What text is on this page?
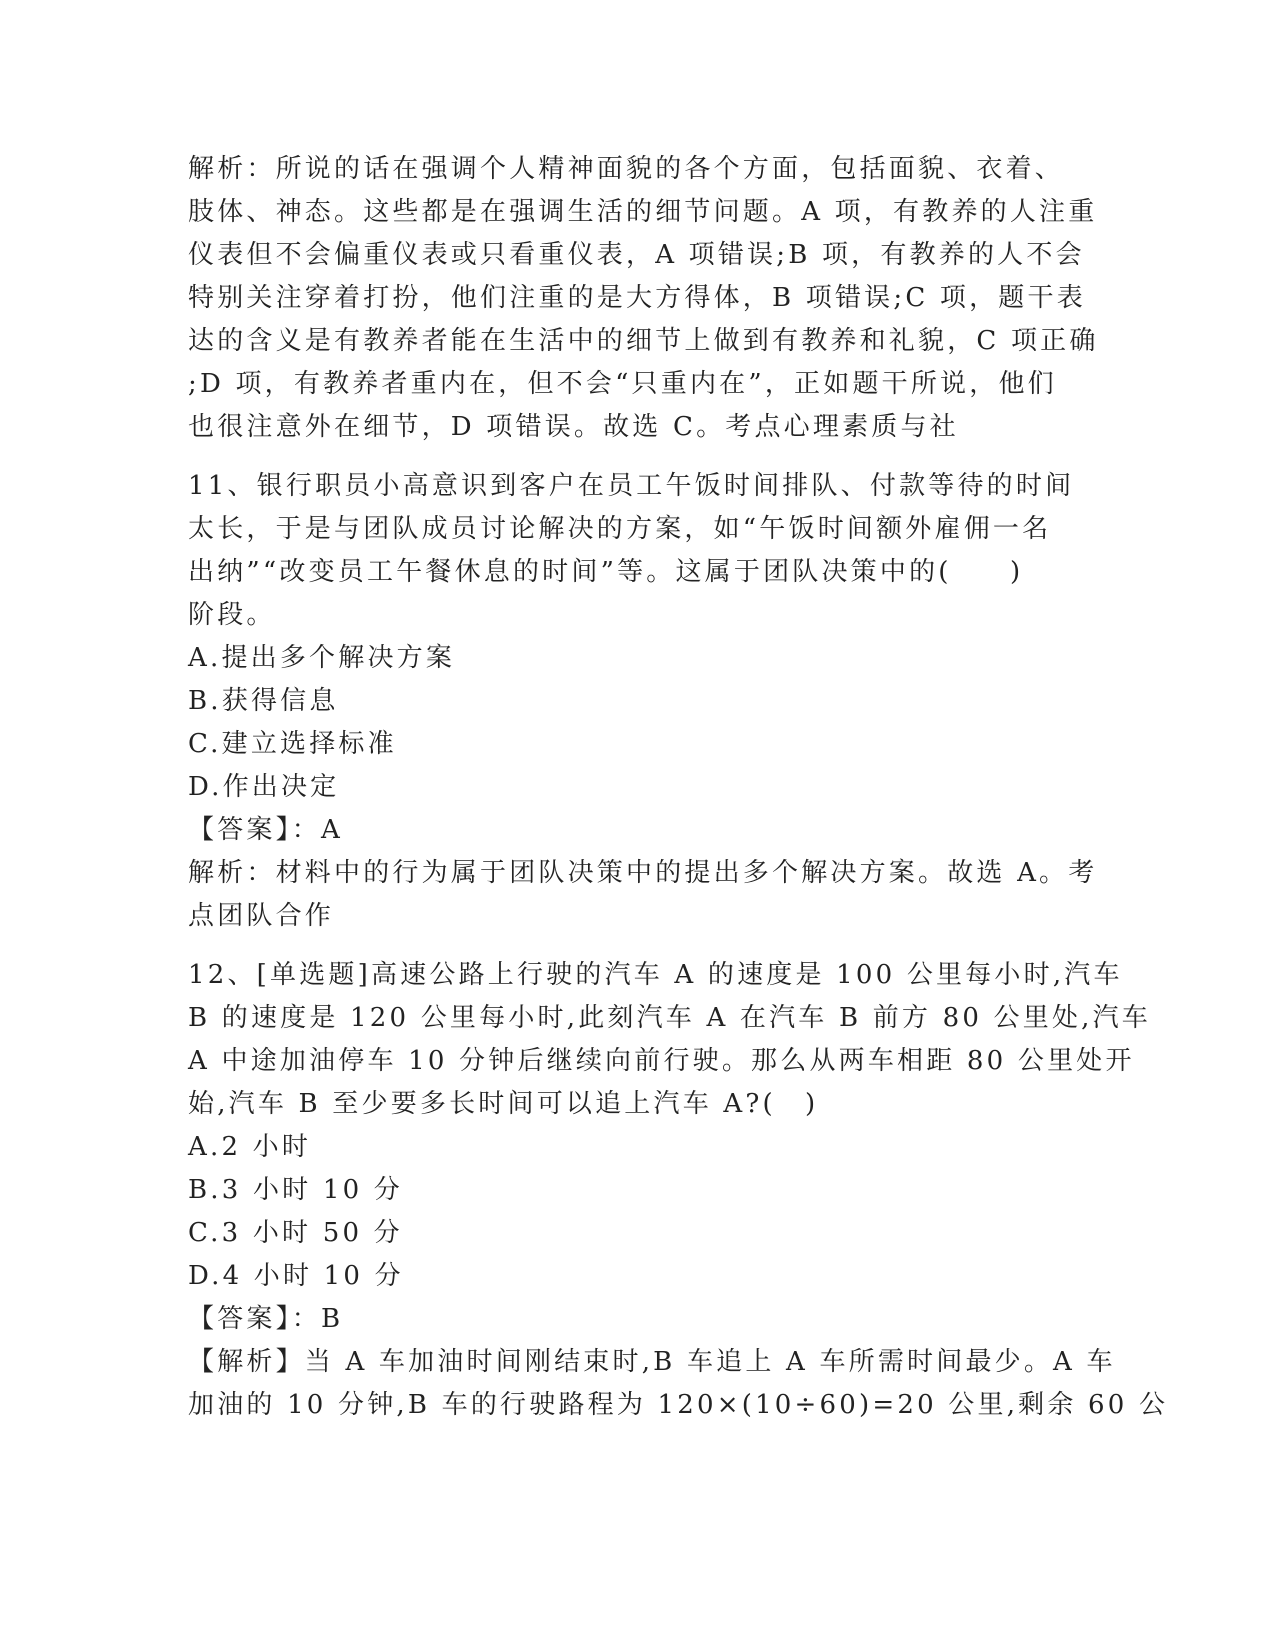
解析：所说的话在强调个人精神面貌的各个方面，包括面貌、衣着、
肢体、神态。这些都是在强调生活的细节问题。A 项，有教养的人注重
仪表但不会偏重仪表或只看重仪表，A 项错误;B 项，有教养的人不会
特别关注穿着打扮，他们注重的是大方得体，B 项错误;C 项，题干表
达的含义是有教养者能在生活中的细节上做到有教养和礼貌，C 项正确
;D 项，有教养者重内在，但不会“只重内在”，正如题干所说，他们
也很注意外在细节，D 项错误。故选 C。考点心理素质与社
11、银行职员小高意识到客户在员工午饭时间排队、付款等待的时间
太长，于是与团队成员讨论解决的方案，如“午饭时间额外雇佣一名
出纳”“改变员工午餐休息的时间”等。这属于团队决策中的(　　)
阶段。
A.提出多个解决方案
B.获得信息
C.建立选择标准
D.作出决定
【答案】：A
解析：材料中的行为属于团队决策中的提出多个解决方案。故选 A。考
点团队合作
12、[单选题]高速公路上行驶的汽车 A 的速度是 100 公里每小时,汽车
B 的速度是 120 公里每小时,此刻汽车 A 在汽车 B 前方 80 公里处,汽车
A 中途加油停车 10 分钟后继续向前行驶。那么从两车相距 80 公里处开
始,汽车 B 至少要多长时间可以追上汽车 A?(　)
A.2 小时
B.3 小时 10 分
C.3 小时 50 分
D.4 小时 10 分
【答案】：B
【解析】当 A 车加油时间刚结束时,B 车追上 A 车所需时间最少。A 车
加油的 10 分钟,B 车的行驶路程为 120×(10÷60)=20 公里,剩余 60 公
